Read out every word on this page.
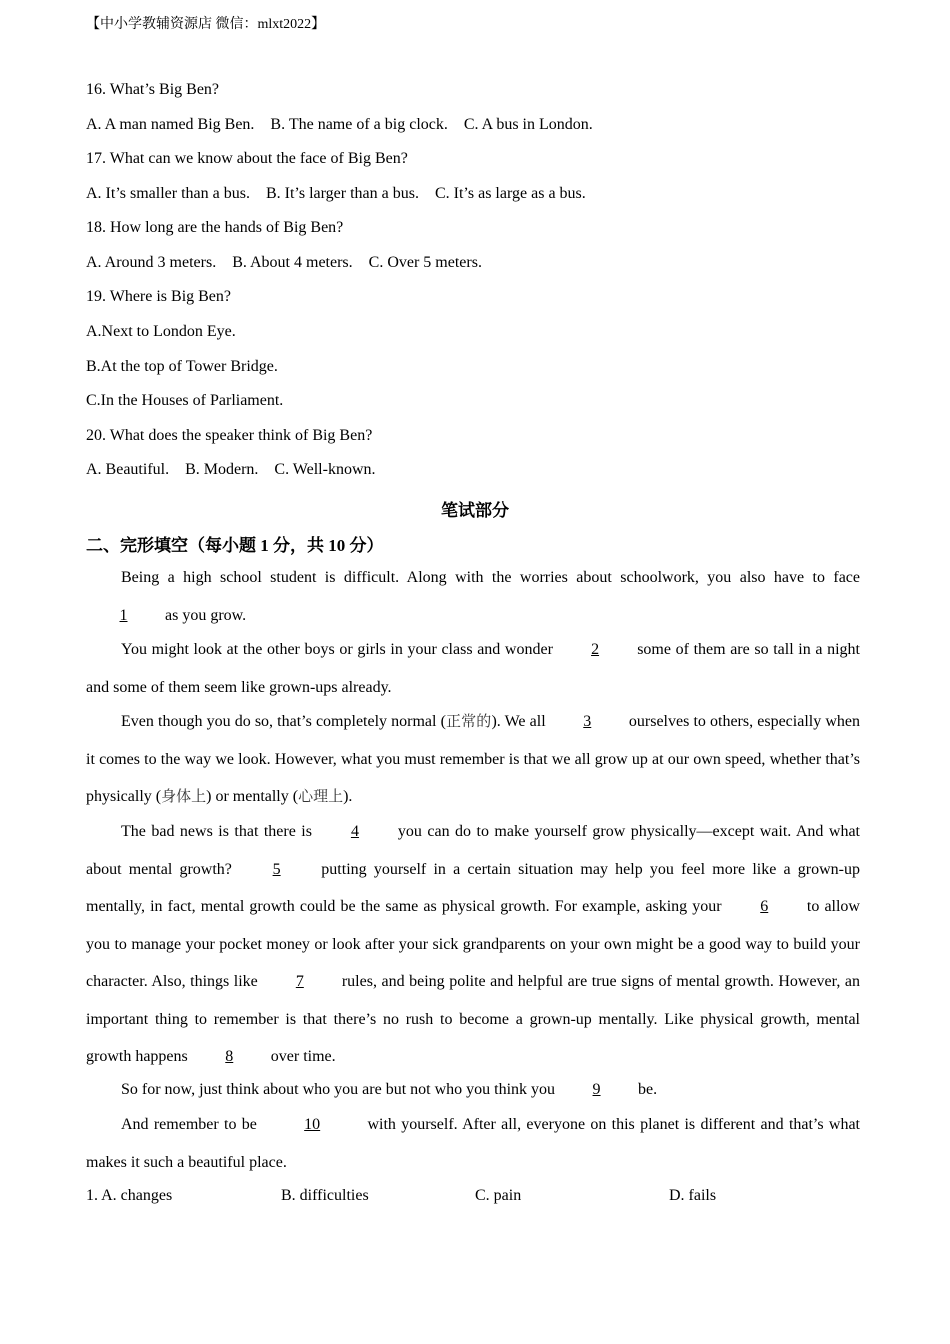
【中小学教辅资源店 微信：mlxt2022】
16. What’s Big Ben?
A. A man named Big Ben.    B. The name of a big clock.    C. A bus in London.
17. What can we know about the face of Big Ben?
A. It’s smaller than a bus.    B. It’s larger than a bus.    C. It’s as large as a bus.
18. How long are the hands of Big Ben?
A. Around 3 meters.    B. About 4 meters.    C. Over 5 meters.
19. Where is Big Ben?
A.Next to London Eye.
B.At the top of Tower Bridge.
C.In the Houses of Parliament.
20. What does the speaker think of Big Ben?
A. Beautiful.    B. Modern.    C. Well-known.
笔试部分
二、完形填空（每小题 1 分，共 10 分）
Being a high school student is difficult. Along with the worries about schoolwork, you also have to face 1 as you grow.
You might look at the other boys or girls in your class and wonder 2 some of them are so tall in a night and some of them seem like grown-ups already.
Even though you do so, that’s completely normal (正常的). We all 3 ourselves to others, especially when it comes to the way we look. However, what you must remember is that we all grow up at our own speed, whether that’s physically (身体上) or mentally (心理上).
The bad news is that there is 4 you can do to make yourself grow physically—except wait. And what about mental growth? 5 putting yourself in a certain situation may help you feel more like a grown-up mentally, in fact, mental growth could be the same as physical growth. For example, asking your 6 to allow you to manage your pocket money or look after your sick grandparents on your own might be a good way to build your character. Also, things like 7 rules, and being polite and helpful are true signs of mental growth. However, an important thing to remember is that there’s no rush to become a grown-up mentally. Like physical growth, mental growth happens 8 over time.
So for now, just think about who you are but not who you think you 9 be.
And remember to be	10	with yourself. After all, everyone on this planet is different and that’s what makes it such a beautiful place.
1. A. changes	B. difficulties	C. pain	D. fails
